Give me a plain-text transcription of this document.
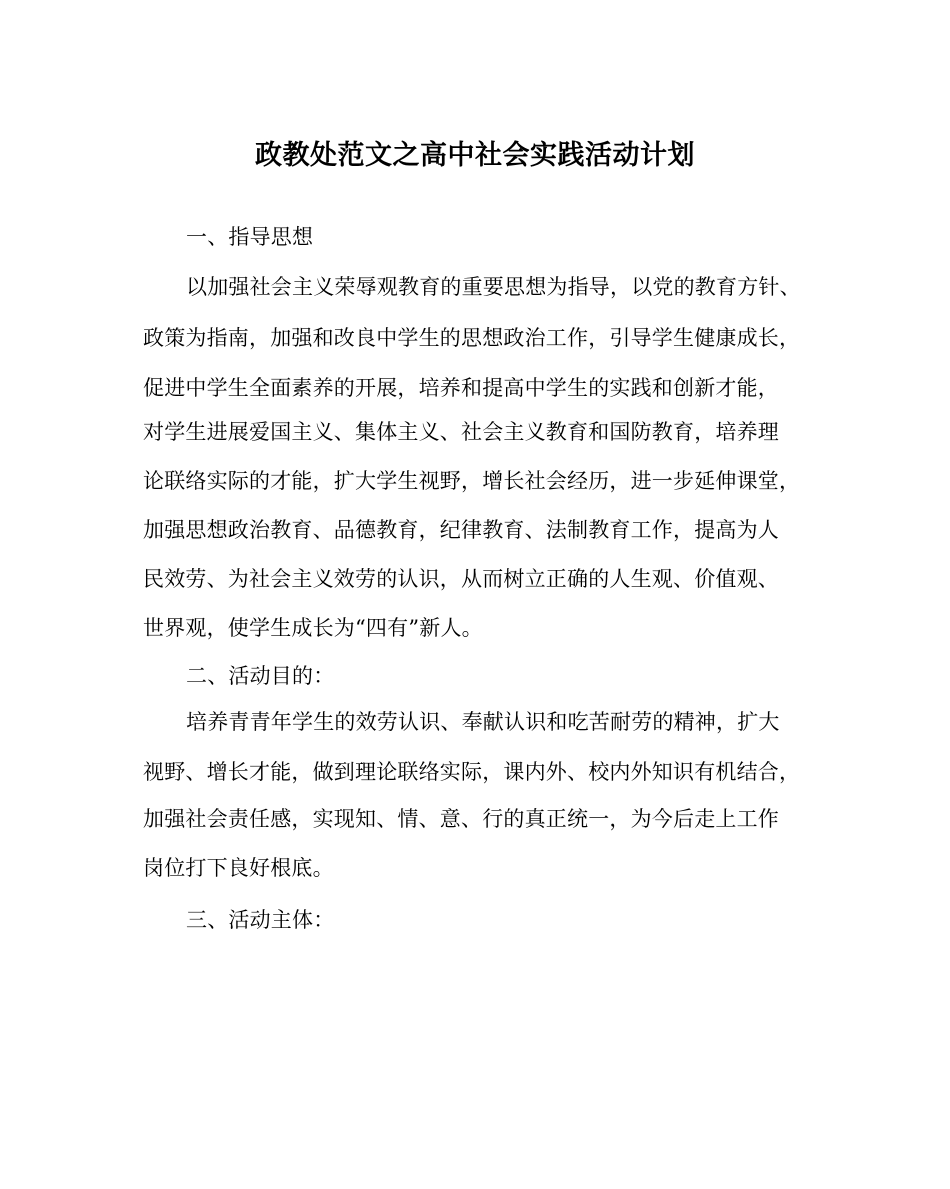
政教处范文之高中社会实践活动计划
一、指导思想
以加强社会主义荣辱观教育的重要思想为指导，以党的教育方针、
政策为指南，加强和改良中学生的思想政治工作，引导学生健康成长，
促进中学生全面素养的开展，培养和提高中学生的实践和创新才能，
对学生进展爱国主义、集体主义、社会主义教育和国防教育，培养理
论联络实际的才能，扩大学生视野，增长社会经历，进一步延伸课堂，
加强思想政治教育、品德教育，纪律教育、法制教育工作，提高为人
民效劳、为社会主义效劳的认识，从而树立正确的人生观、价值观、
世界观，使学生成长为“四有”新人。
二、活动目的：
培养青青年学生的效劳认识、奉献认识和吃苦耐劳的精神，扩大
视野、增长才能，做到理论联络实际，课内外、校内外知识有机结合，
加强社会责任感，实现知、情、意、行的真正统一，为今后走上工作
岗位打下良好根底。
三、活动主体：
